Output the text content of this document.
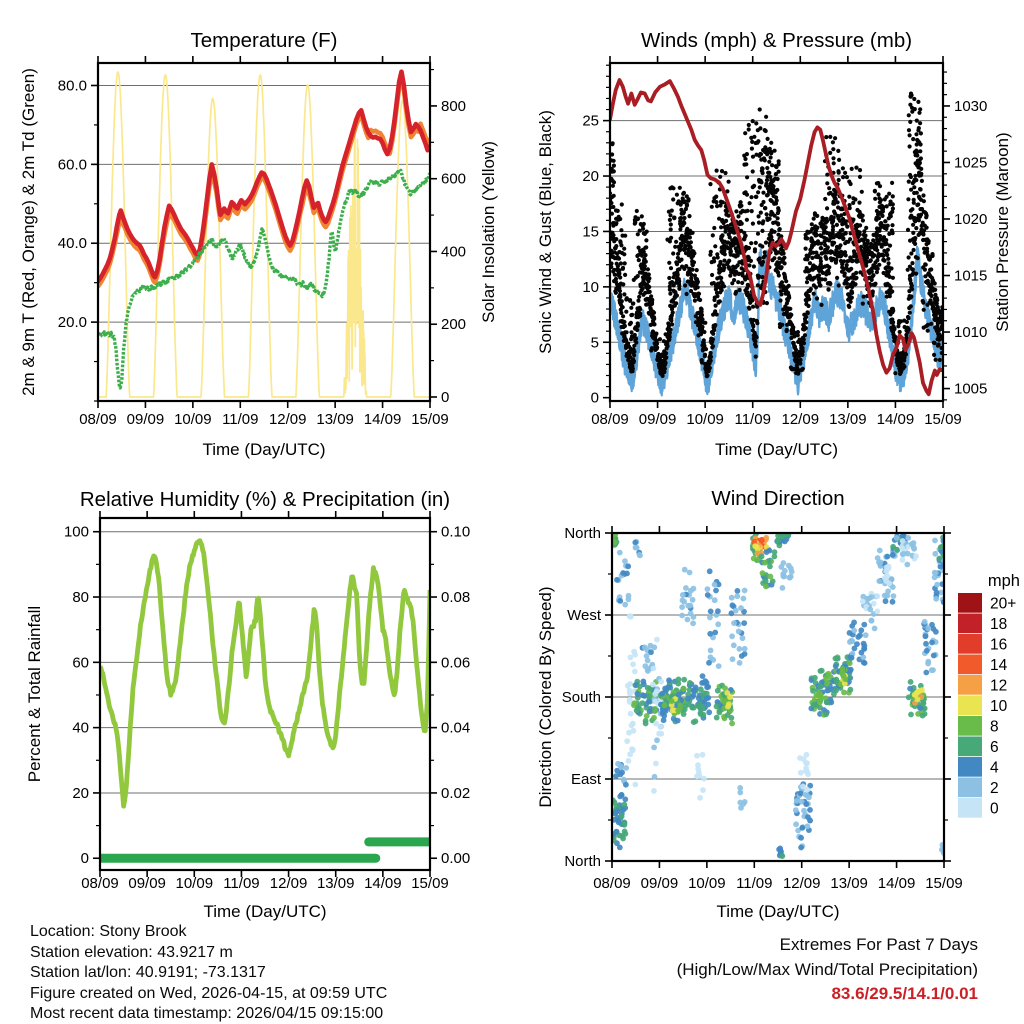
08/09 09/09 10/09 11/09 12/09 13/09 14/09 15/09
20.0
40.0
60.0
80.0
0
200
400
600
800
Temperature (F)
Time (Day/UTC)
2m & 9m T (Red, Orange) & 2m Td (Green)	Solar Insolation (Yellow)
08/09 09/09 10/09 11/09 12/09 13/09 14/09 15/09
0
5
10
15
20
25
1005
1010
1015
1020
1025
1030
Winds (mph) & Pressure (mb)
Time (Day/UTC)
Sonic Wind & Gust (Blue, Black)	Station Pressure (Maroon)
08/09 09/09 10/09 11/09 12/09 13/09 14/09 15/09
0
20
40
60
80
100
0.00
0.02
0.04
0.06
0.08
0.10
Relative Humidity (%) & Precipitation (in)
Time (Day/UTC)
Percent & Total Rainfall
08/09 09/09 10/09 11/09 12/09 13/09 14/09 15/09
North
East
South
West
North
Wind Direction
Time (Day/UTC)
Direction (Colored By Speed)
mph
20+
18
16
14
12
10
8
6
4
2
0
Location: Stony Brook
Station elevation: 43.9217 m
Station lat/lon: 40.9191; -73.1317
Figure created on Wed, 2026-04-15, at 09:59 UTC
Most recent data timestamp: 2026/04/15 09:15:00
Extremes For Past 7 Days
(High/Low/Max Wind/Total Precipitation)
83.6/29.5/14.1/0.01
